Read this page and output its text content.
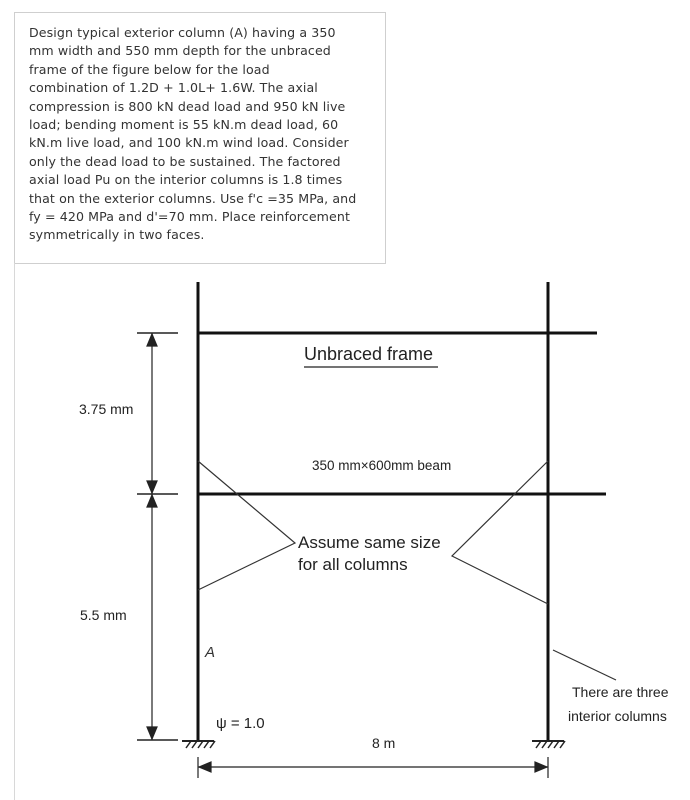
Design typical exterior column (A) having a 350

mm width and 550 mm depth for the unbraced

frame of the figure below for the load

combination of 1.2D + 1.0L+ 1.6W. The axial

compression is 800 kN dead load and 950 kN live

load; bending moment is 55 kN.m dead load, 60

kN.m live load, and 100 kN.m wind load. Consider

only the dead load to be sustained. The factored

axial load Pu on the interior columns is 1.8 times

that on the exterior columns. Use f'c =35 MPa, and

fy = 420 MPa and d'=70 mm. Place reinforcement

symmetrically in two faces.

Unbraced frame
350 mm×600mm beam
Assume same size
for all columns
3.75 mm
5.5 mm
A
ψ = 1.0
8 m
There are three
interior columns
